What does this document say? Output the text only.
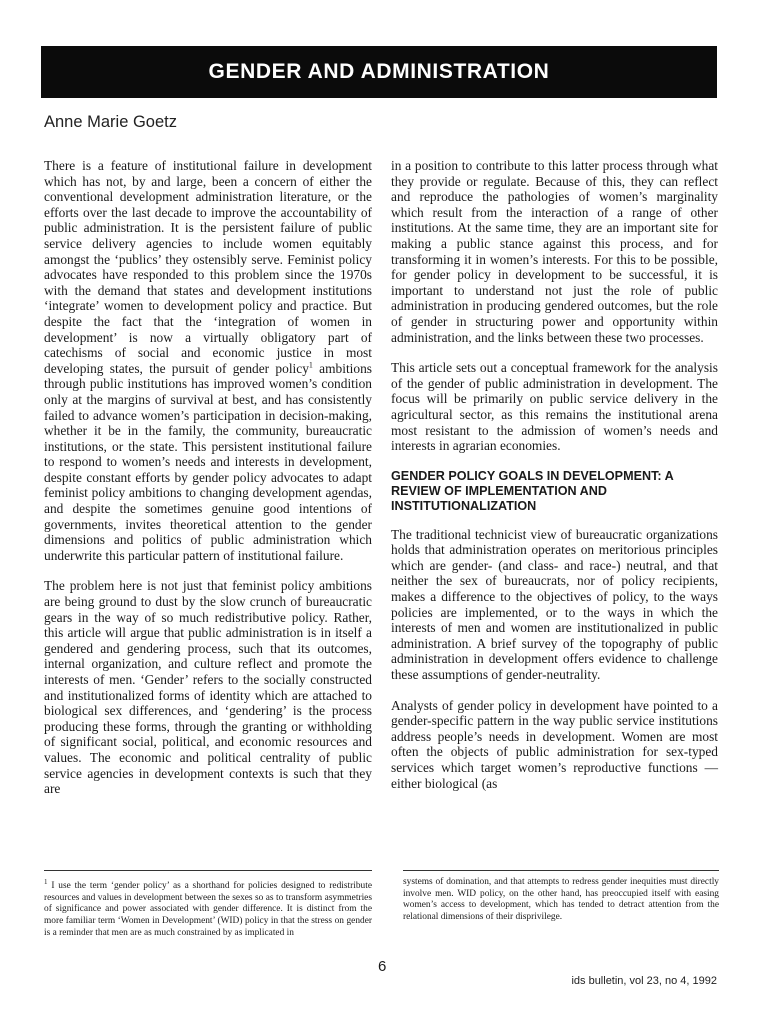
GENDER AND ADMINISTRATION
Anne Marie Goetz

There is a feature of institutional failure in development which has not, by and large, been a concern of either the conventional development administration literature, or the efforts over the last decade to improve the accountability of public administration. It is the persistent failure of public service delivery agencies to include women equitably amongst the ‘publics’ they ostensibly serve. Feminist policy advocates have responded to this problem since the 1970s with the demand that states and development institutions ‘integrate’ women to development policy and practice. But despite the fact that the ‘integration of women in development’ is now a virtually obligatory part of catechisms of social and economic justice in most developing states, the pursuit of gender policy$^1$ ambitions through public institutions has improved women’s condition only at the margins of survival at best, and has consistently failed to advance women’s participation in decision-making, whether it be in the family, the community, bureaucratic institutions, or the state. This persistent institutional failure to respond to women’s needs and interests in development, despite constant efforts by gender policy advocates to adapt feminist policy ambitions to changing development agendas, and despite the sometimes genuine good intentions of governments, invites theoretical attention to the gender dimensions and politics of public administration which underwrite this particular pattern of institutional failure.

The problem here is not just that feminist policy ambitions are being ground to dust by the slow crunch of bureaucratic gears in the way of so much redistributive policy. Rather, this article will argue that public administration is in itself a gendered and gendering process, such that its outcomes, internal organization, and culture reflect and promote the interests of men. ‘Gender’ refers to the socially constructed and institutionalized forms of identity which are attached to biological sex differences, and ‘gendering’ is the process producing these forms, through the granting or withholding of significant social, political, and economic resources and values. The economic and political centrality of public service agencies in development contexts is such that they are

in a position to contribute to this latter process through what they provide or regulate. Because of this, they can reflect and reproduce the pathologies of women’s marginality which result from the interaction of a range of other institutions. At the same time, they are an important site for making a public stance against this process, and for transforming it in women’s interests. For this to be possible, for gender policy in development to be successful, it is important to understand not just the role of public administration in producing gendered outcomes, but the role of gender in structuring power and opportunity within administration, and the links between these two processes.

This article sets out a conceptual framework for the analysis of the gender of public administration in development. The focus will be primarily on public service delivery in the agricultural sector, as this remains the institutional arena most resistant to the admission of women’s needs and interests in agrarian economies.

GENDER POLICY GOALS IN DEVELOPMENT: A REVIEW OF IMPLEMENTATION AND INSTITUTIONALIZATION

The traditional technicist view of bureaucratic organizations holds that administration operates on meritorious principles which are gender- (and class- and race-) neutral, and that neither the sex of bureaucrats, nor of policy recipients, makes a difference to the objectives of policy, to the ways policies are implemented, or to the ways in which the interests of men and women are institutionalized in public administration. A brief survey of the topography of public administration in development offers evidence to challenge these assumptions of gender-neutrality.

Analysts of gender policy in development have pointed to a gender-specific pattern in the way public service institutions address people’s needs in development. Women are most often the objects of public administration for sex-typed services which target women’s reproductive functions — either biological (as

$^1$ I use the term ‘gender policy’ as a shorthand for policies designed to redistribute resources and values in development between the sexes so as to transform asymmetries of significance and power associated with gender difference. It is distinct from the more familiar term ‘Women in Development’ (WID) policy in that the stress on gender is a reminder that men are as much constrained by as implicated in
systems of domination, and that attempts to redress gender inequities must directly involve men. WID policy, on the other hand, has preoccupied itself with easing women’s access to development, which has tended to detract attention from the relational dimensions of their disprivilege.
6
ids bulletin, vol 23, no 4, 1992
